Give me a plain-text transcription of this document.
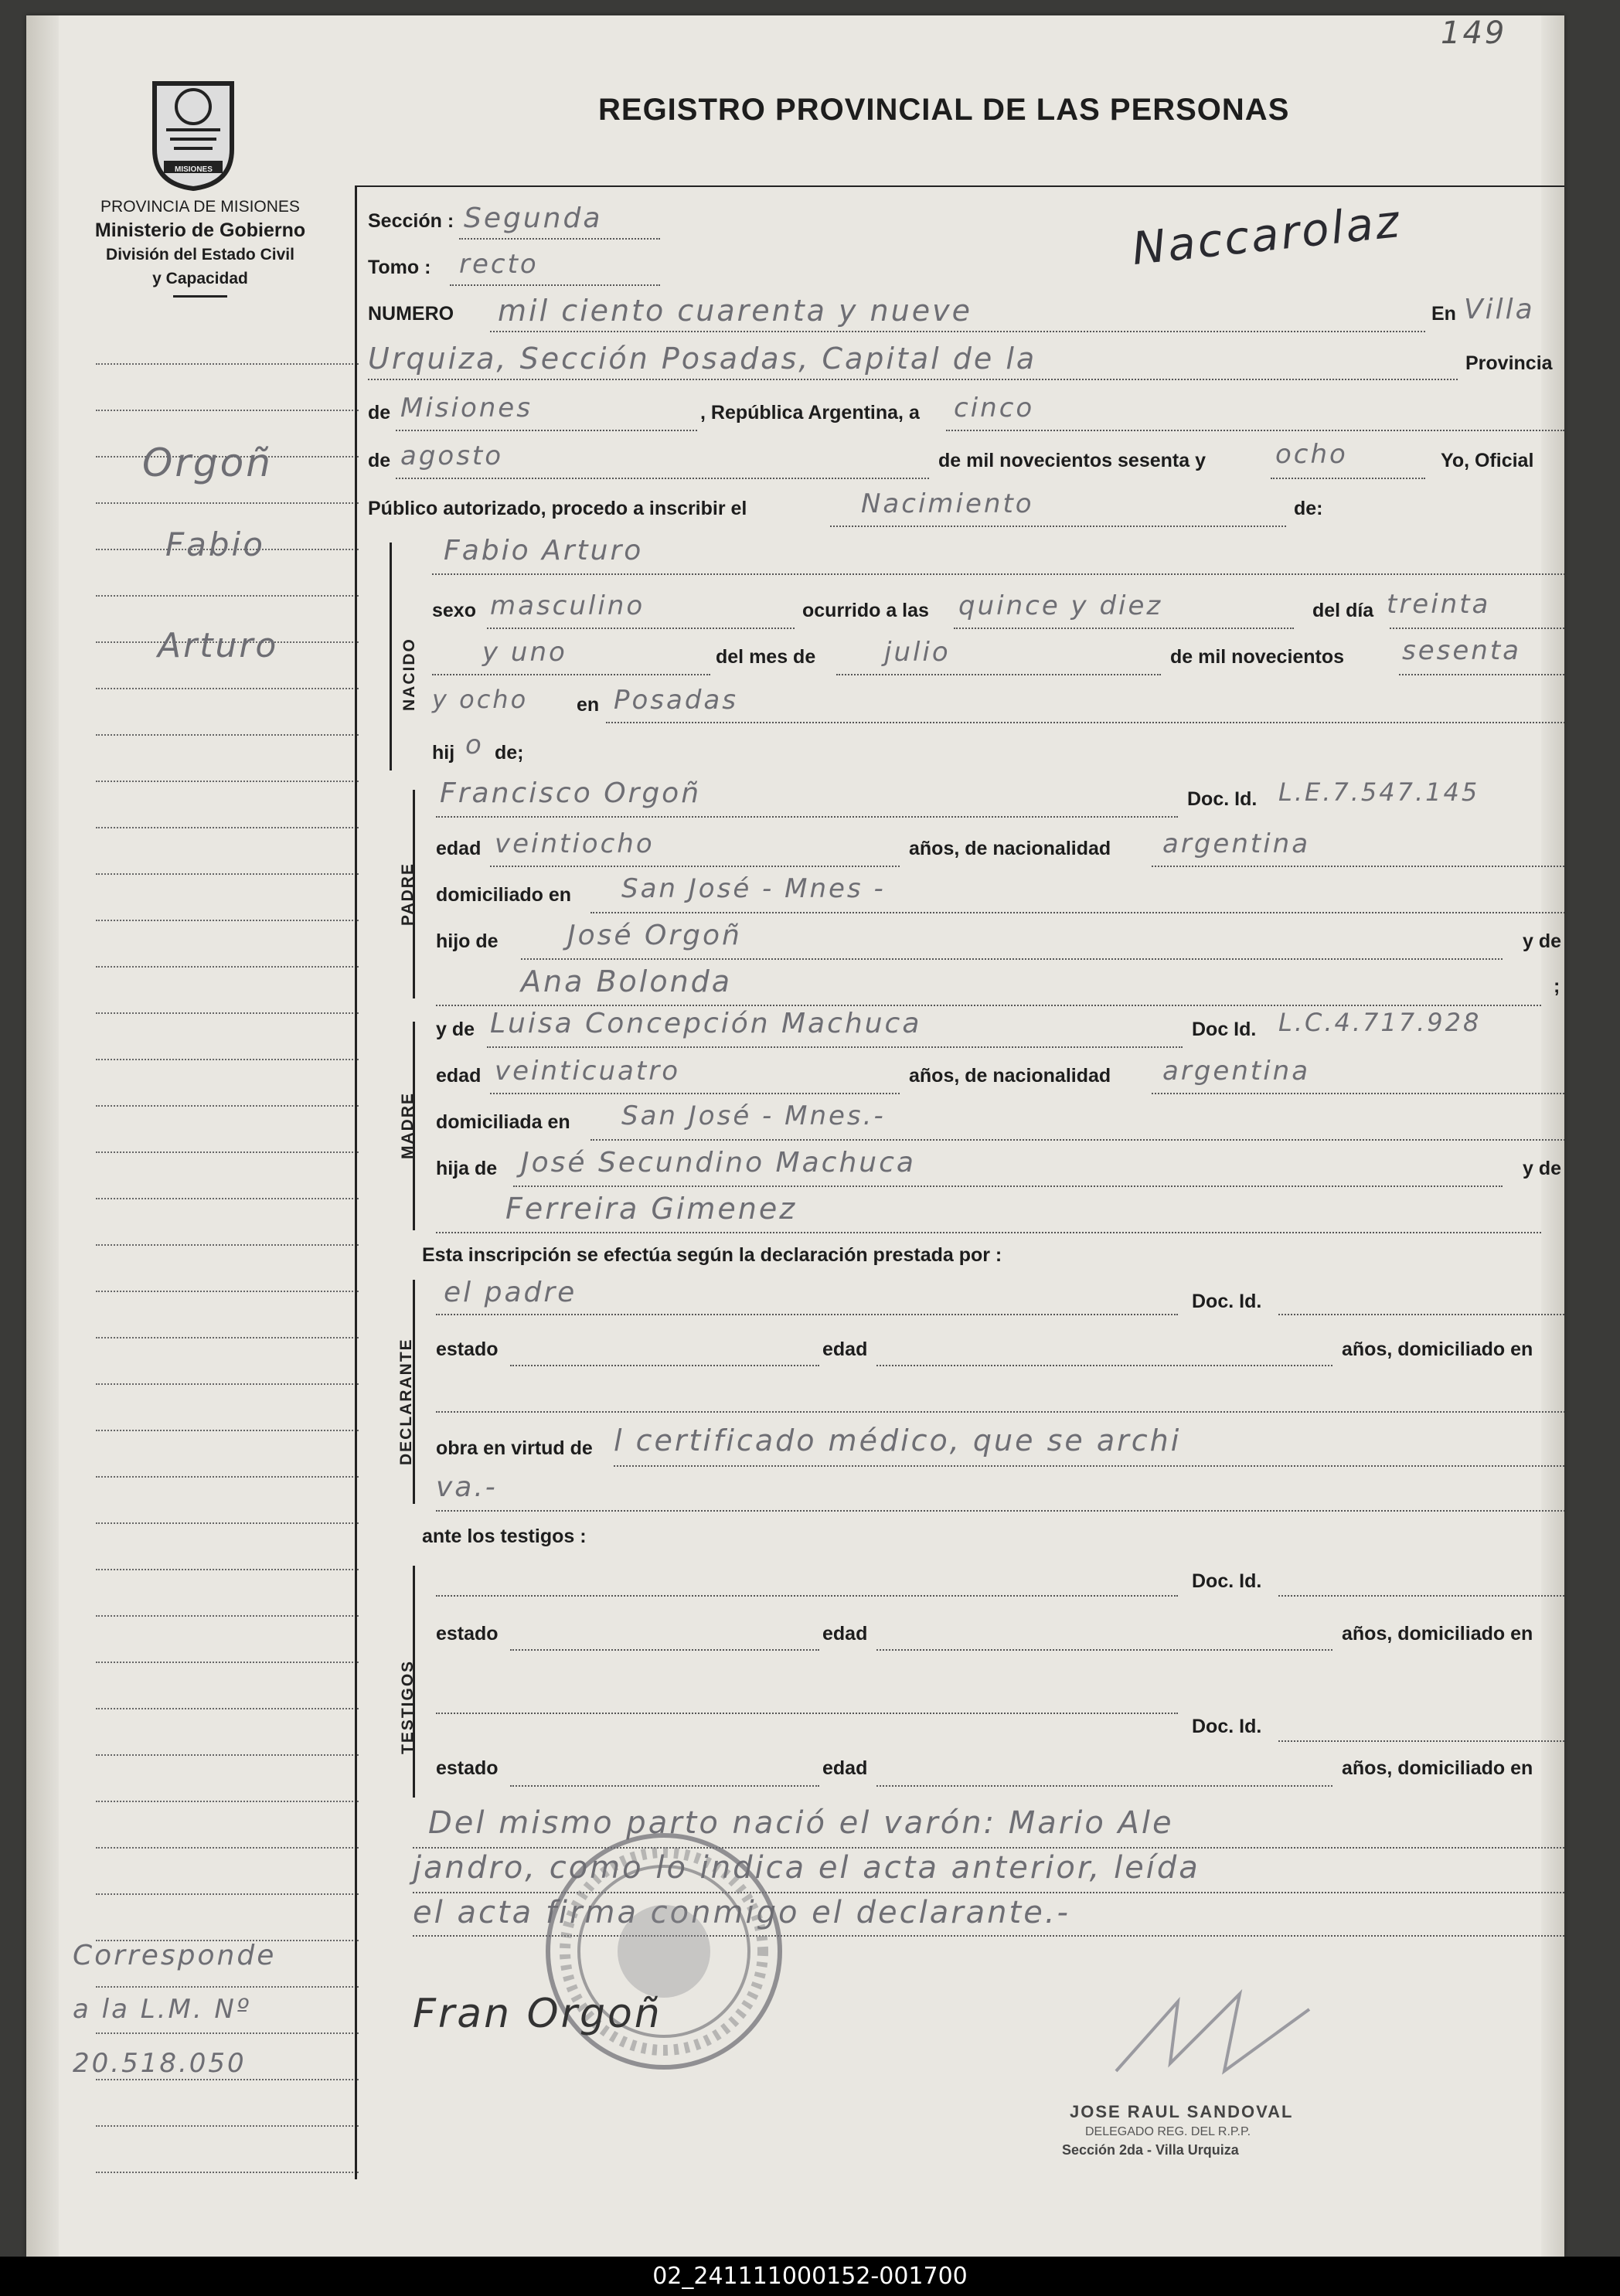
149
MISIONES
REGISTRO PROVINCIAL DE LAS PERSONAS
PROVINCIA DE MISIONES
Ministerio de Gobierno
División del Estado Civil
y Capacidad
Orgoñ
Fabio
Arturo
Corresponde
a la L.M. Nº
20.518.050
Sección : Segunda
Tomo : recto	Naccarolaz
NUMERO mil ciento cuarenta y nueve	En Villa
Urquiza, Sección Posadas, Capital de la	Provincia
de Misiones	, República Argentina, a cinco
de agosto	de mil novecientos sesenta y	ocho	Yo, Oficial
Público autorizado, procedo a inscribir el	Nacimiento	de:
NACIDO
Fabio Arturo
sexo masculino	ocurrido a las quince y diez	del día treinta
y uno	del mes de	julio	de mil novecientos sesenta
y ocho	en Posadas
hij o de;
PADRE
Francisco Orgoñ	Doc. Id. L.E.7.547.145
edad veintiocho	años, de nacionalidad argentina
domiciliado en San José - Mnes -
hijo de José Orgoñ	y de
Ana Bolonda	;
y de Luisa Concepción Machuca	Doc Id. L.C.4.717.928
MADRE
edad veinticuatro	años, de nacionalidad argentina
domiciliada en San José - Mnes.-
hija de José Secundino Machuca	y de
Ferreira Gimenez
Esta inscripción se efectúa según la declaración prestada por :
DECLARANTE
el padre	Doc. Id.
estado	edad	años, domiciliado en
obra en virtud de l certificado médico, que se archi
va.-
ante los testigos :
TESTIGOS
Doc. Id.
estado	edad	años, domiciliado en
Doc. Id.
estado	edad	años, domiciliado en
Del mismo parto nació el varón: Mario Ale
jandro, como lo indica el acta anterior, leída
el acta firma conmigo el declarante.-
Fran Orgoñ
JOSE RAUL SANDOVAL
DELEGADO REG. DEL R.P.P.
Sección 2da - Villa Urquiza
02_241111000152-001700
